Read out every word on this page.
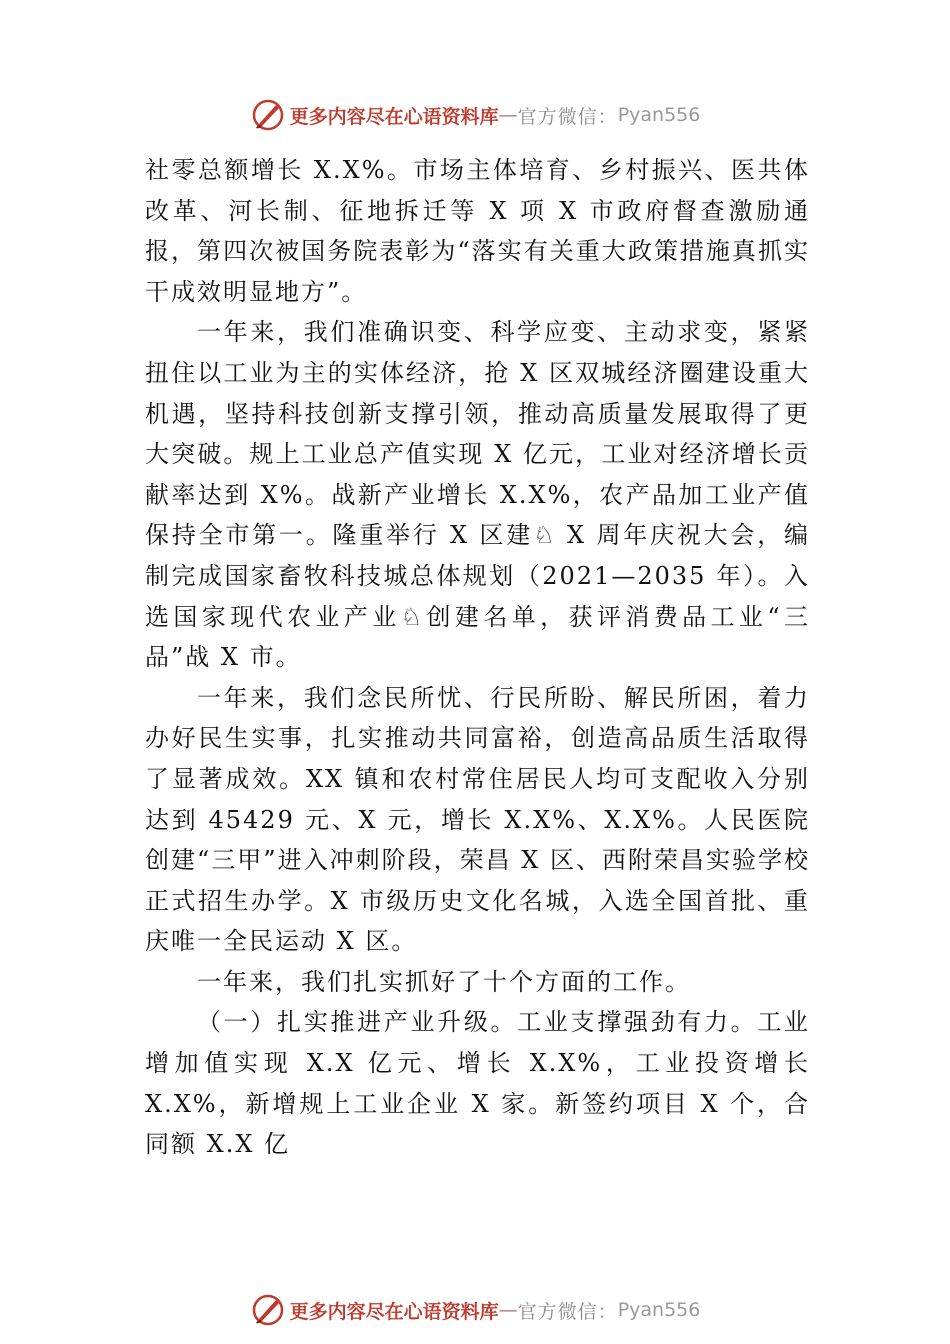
更多内容尽在心语资料库 — 官方微信： Pyan556

社零总额增长 X.X%。市场主体培育、乡村振兴、医共体改革、河长制、征地拆迁等 X 项 X 市政府督查激励通报，第四次被国务院表彰为“落实有关重大政策措施真抓实干成效明显地方”。

一年来，我们准确识变、科学应变、主动求变，紧紧扭住以工业为主的实体经济，抢 X 区双城经济圈建设重大机遇，坚持科技创新支撑引领，推动高质量发展取得了更大突破。规上工业总产值实现 X 亿元，工业对经济增长贡献率达到 X%。战新产业增长 X.X%，农产品加工业产值保持全市第一。隆重举行 X 区建♘ X 周年庆祝大会，编制完成国家畜牧科技城总体规划（2021—2035 年）。入选国家现代农业产业♘创建名单，获评消费品工业“三品”战 X 市。

一年来，我们念民所忧、行民所盼、解民所困，着力办好民生实事，扎实推动共同富裕，创造高品质生活取得了显著成效。XX 镇和农村常住居民人均可支配收入分别达到 45429 元、X 元，增长 X.X%、X.X%。人民医院创建“三甲”进入冲刺阶段，荣昌 X 区、西附荣昌实验学校正式招生办学。X 市级历史文化名城，入选全国首批、重庆唯一全民运动 X 区。

一年来，我们扎实抓好了十个方面的工作。

（一）扎实推进产业升级。工业支撑强劲有力。工业增加值实现 X.X 亿元、增长 X.X%，工业投资增长 X.X%，新增规上工业企业 X 家。新签约项目 X 个，合同额 X.X 亿

更多内容尽在心语资料库 — 官方微信： Pyan556
